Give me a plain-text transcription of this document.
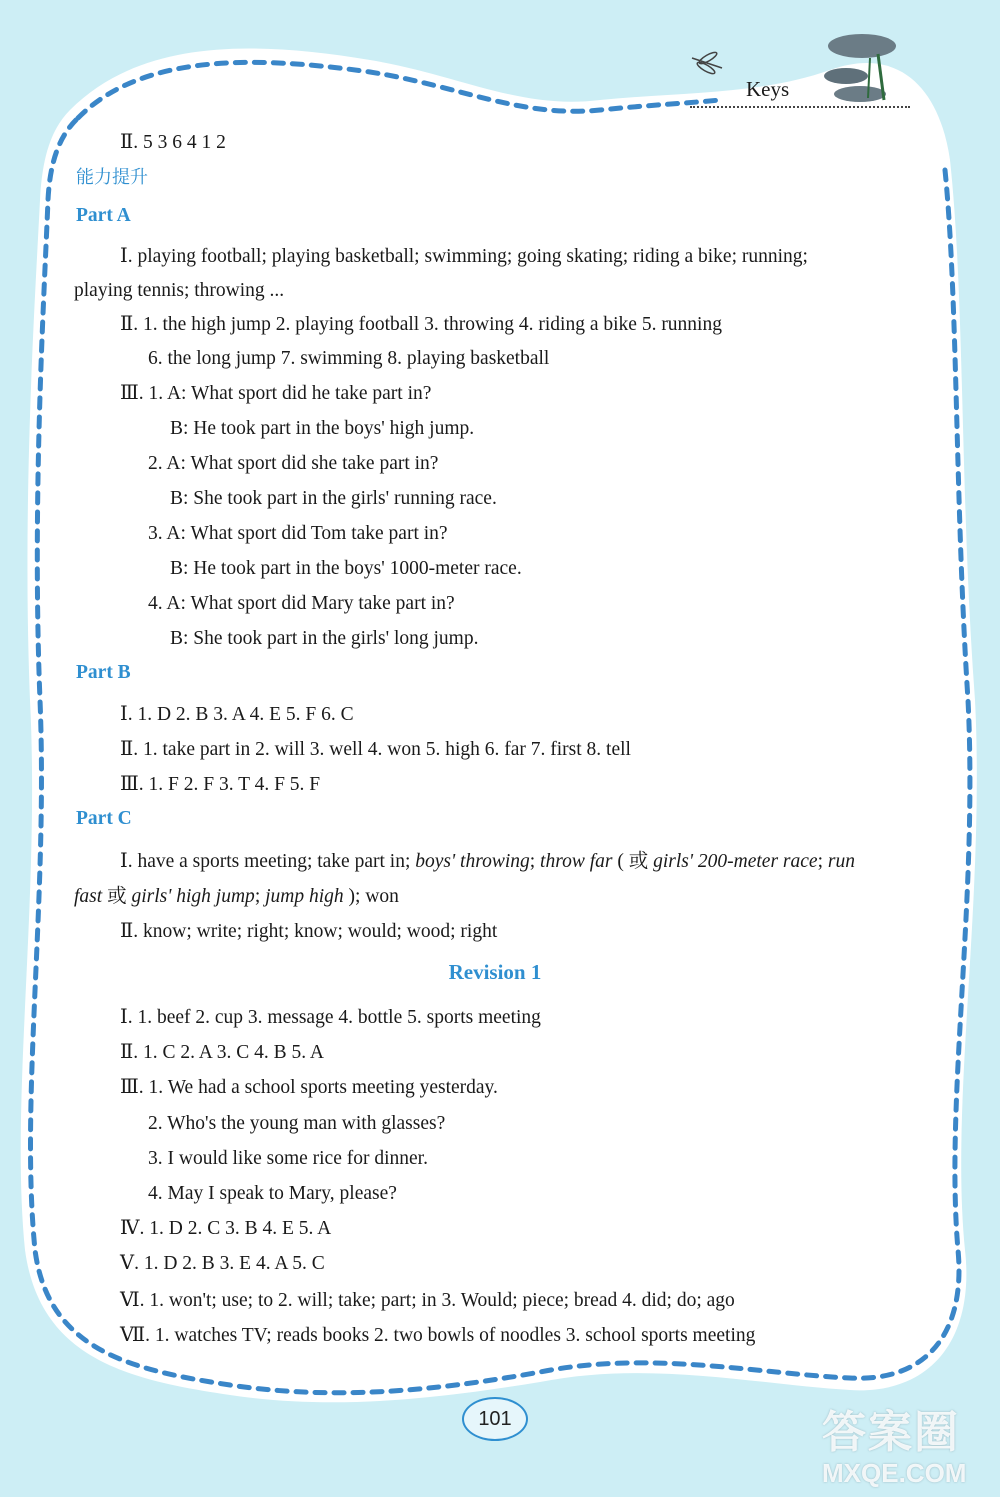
Keys
Ⅱ. 5 3 6 4 1 2
能力提升
Part A
Ⅰ. playing football; playing basketball; swimming; going skating; riding a bike; running;
playing tennis; throwing ...
Ⅱ. 1. the high jump 2. playing football 3. throwing 4. riding a bike 5. running
6. the long jump 7. swimming 8. playing basketball
Ⅲ. 1. A: What sport did he take part in?
B: He took part in the boys' high jump.
2. A: What sport did she take part in?
B: She took part in the girls' running race.
3. A: What sport did Tom take part in?
B: He took part in the boys' 1000-meter race.
4. A: What sport did Mary take part in?
B: She took part in the girls' long jump.
Part B
Ⅰ. 1. D 2. B 3. A 4. E 5. F 6. C
Ⅱ. 1. take part in 2. will 3. well 4. won 5. high 6. far 7. first 8. tell
Ⅲ. 1. F 2. F 3. T 4. F 5. F
Part C
Ⅰ. have a sports meeting; take part in; boys' throwing; throw far ( 或 girls' 200-meter race; run
fast 或 girls' high jump; jump high ); won
Ⅱ. know; write; right; know; would; wood; right
Revision 1
Ⅰ. 1. beef 2. cup 3. message 4. bottle 5. sports meeting
Ⅱ. 1. C 2. A 3. C 4. B 5. A
Ⅲ. 1. We had a school sports meeting yesterday.
2. Who's the young man with glasses?
3. I would like some rice for dinner.
4. May I speak to Mary, please?
Ⅳ. 1. D 2. C 3. B 4. E 5. A
Ⅴ. 1. D 2. B 3. E 4. A 5. C
Ⅵ. 1. won't; use; to 2. will; take; part; in 3. Would; piece; bread 4. did; do; ago
Ⅶ. 1. watches TV; reads books 2. two bowls of noodles 3. school sports meeting
101	答案圈
MXQE.COM
